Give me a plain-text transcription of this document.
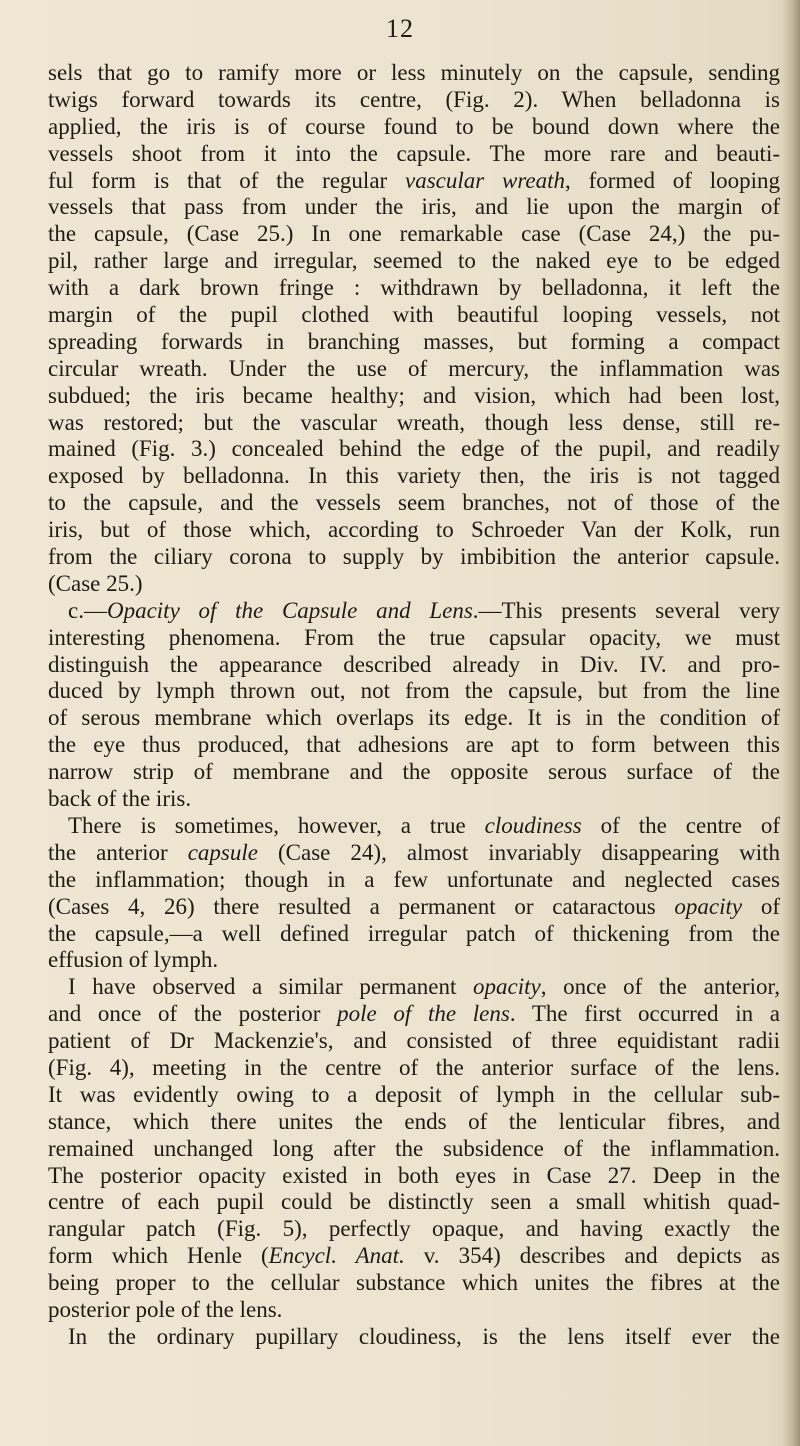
12
sels that go to ramify more or less minutely on the capsule, sending
twigs forward towards its centre, (Fig. 2). When belladonna is
applied, the iris is of course found to be bound down where the
vessels shoot from it into the capsule. The more rare and beauti-
ful form is that of the regular vascular wreath, formed of looping
vessels that pass from under the iris, and lie upon the margin of
the capsule, (Case 25.) In one remarkable case (Case 24,) the pu-
pil, rather large and irregular, seemed to the naked eye to be edged
with a dark brown fringe : withdrawn by belladonna, it left the
margin of the pupil clothed with beautiful looping vessels, not
spreading forwards in branching masses, but forming a compact
circular wreath. Under the use of mercury, the inflammation was
subdued; the iris became healthy; and vision, which had been lost,
was restored; but the vascular wreath, though less dense, still re-
mained (Fig. 3.) concealed behind the edge of the pupil, and readily
exposed by belladonna. In this variety then, the iris is not tagged
to the capsule, and the vessels seem branches, not of those of the
iris, but of those which, according to Schroeder Van der Kolk, run
from the ciliary corona to supply by imbibition the anterior capsule.
(Case 25.)
c.—Opacity of the Capsule and Lens.—This presents several very
interesting phenomena. From the true capsular opacity, we must
distinguish the appearance described already in Div. IV. and pro-
duced by lymph thrown out, not from the capsule, but from the line
of serous membrane which overlaps its edge. It is in the condition of
the eye thus produced, that adhesions are apt to form between this
narrow strip of membrane and the opposite serous surface of the
back of the iris.
There is sometimes, however, a true cloudiness of the centre of
the anterior capsule (Case 24), almost invariably disappearing with
the inflammation; though in a few unfortunate and neglected cases
(Cases 4, 26) there resulted a permanent or cataractous opacity of
the capsule,—a well defined irregular patch of thickening from the
effusion of lymph.
I have observed a similar permanent opacity, once of the anterior,
and once of the posterior pole of the lens. The first occurred in a
patient of Dr Mackenzie's, and consisted of three equidistant radii
(Fig. 4), meeting in the centre of the anterior surface of the lens.
It was evidently owing to a deposit of lymph in the cellular sub-
stance, which there unites the ends of the lenticular fibres, and
remained unchanged long after the subsidence of the inflammation.
The posterior opacity existed in both eyes in Case 27. Deep in the
centre of each pupil could be distinctly seen a small whitish quad-
rangular patch (Fig. 5), perfectly opaque, and having exactly the
form which Henle (Encycl. Anat. v. 354) describes and depicts as
being proper to the cellular substance which unites the fibres at the
posterior pole of the lens.
In the ordinary pupillary cloudiness, is the lens itself ever the
